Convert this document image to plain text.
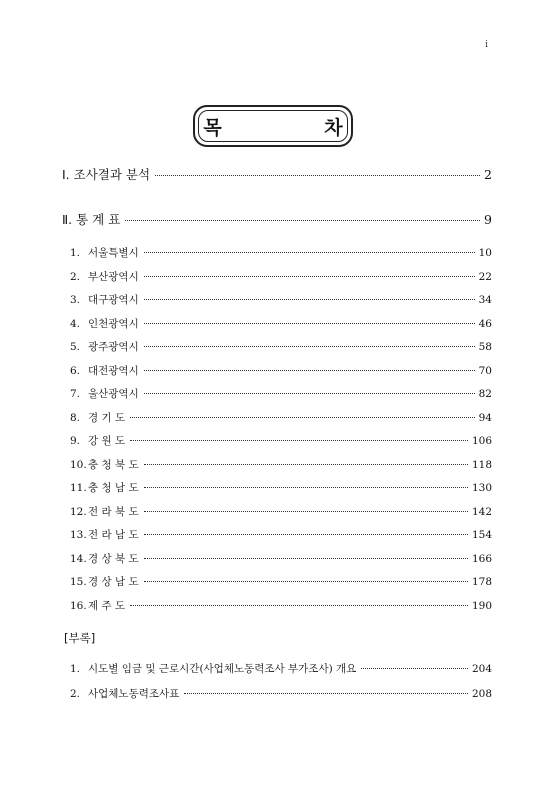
i
목 차
Ⅰ. 조사결과 분석	2
Ⅱ. 통 계 표	9
1. 서울특별시	10
2. 부산광역시	22
3. 대구광역시	34
4. 인천광역시	46
5. 광주광역시	58
6. 대전광역시	70
7. 울산광역시	82
8. 경 기 도	94
9. 강 원 도	106
10.충 청 북 도	118
11.충 청 남 도	130
12.전 라 북 도	142
13.전 라 남 도	154
14.경 상 북 도	166
15.경 상 남 도	178
16.제 주 도	190
[부록]
1. 시도별 임금 및 근로시간(사업체노동력조사 부가조사) 개요	204
2. 사업체노동력조사표	208
